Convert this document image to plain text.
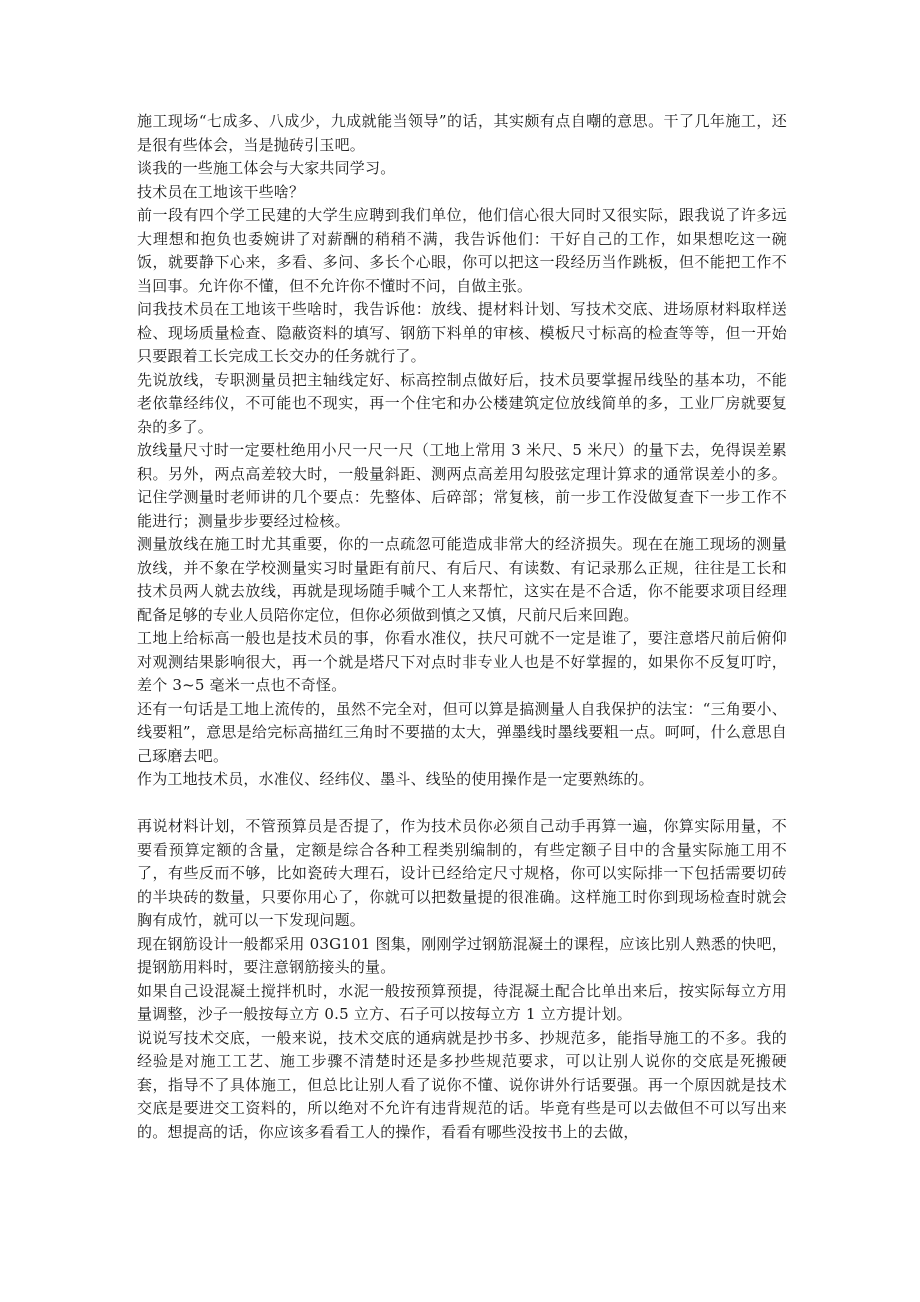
施工现场“七成多、八成少，九成就能当领导”的话，其实颇有点自嘲的意思。干了几年施工，还是很有些体会，当是抛砖引玉吧。

谈我的一些施工体会与大家共同学习。

技术员在工地该干些啥？

前一段有四个学工民建的大学生应聘到我们单位，他们信心很大同时又很实际，跟我说了许多远大理想和抱负也委婉讲了对薪酬的稍稍不满，我告诉他们：干好自己的工作，如果想吃这一碗饭，就要静下心来，多看、多问、多长个心眼，你可以把这一段经历当作跳板，但不能把工作不当回事。允许你不懂，但不允许你不懂时不问，自做主张。

问我技术员在工地该干些啥时，我告诉他：放线、提材料计划、写技术交底、进场原材料取样送检、现场质量检查、隐蔽资料的填写、钢筋下料单的审核、模板尺寸标高的检查等等，但一开始只要跟着工长完成工长交办的任务就行了。

先说放线，专职测量员把主轴线定好、标高控制点做好后，技术员要掌握吊线坠的基本功，不能老依靠经纬仪，不可能也不现实，再一个住宅和办公楼建筑定位放线简单的多，工业厂房就要复杂的多了。

放线量尺寸时一定要杜绝用小尺一尺一尺（工地上常用 3 米尺、5 米尺）的量下去，免得误差累积。另外，两点高差较大时，一般量斜距、测两点高差用勾股弦定理计算求的通常误差小的多。记住学测量时老师讲的几个要点：先整体、后碎部；常复核，前一步工作没做复查下一步工作不能进行；测量步步要经过检核。

测量放线在施工时尤其重要，你的一点疏忽可能造成非常大的经济损失。现在在施工现场的测量放线，并不象在学校测量实习时量距有前尺、有后尺、有读数、有记录那么正规，往往是工长和技术员两人就去放线，再就是现场随手喊个工人来帮忙，这实在是不合适，你不能要求项目经理配备足够的专业人员陪你定位，但你必须做到慎之又慎，尺前尺后来回跑。

工地上给标高一般也是技术员的事，你看水准仪，扶尺可就不一定是谁了，要注意塔尺前后俯仰对观测结果影响很大，再一个就是塔尺下对点时非专业人也是不好掌握的，如果你不反复叮咛，差个 3~5 毫米一点也不奇怪。

还有一句话是工地上流传的，虽然不完全对，但可以算是搞测量人自我保护的法宝：“三角要小、线要粗”，意思是给完标高描红三角时不要描的太大，弹墨线时墨线要粗一点。呵呵，什么意思自己琢磨去吧。

作为工地技术员，水准仪、经纬仪、墨斗、线坠的使用操作是一定要熟练的。

再说材料计划，不管预算员是否提了，作为技术员你必须自己动手再算一遍，你算实际用量，不要看预算定额的含量，定额是综合各种工程类别编制的，有些定额子目中的含量实际施工用不了，有些反而不够，比如瓷砖大理石，设计已经给定尺寸规格，你可以实际排一下包括需要切砖的半块砖的数量，只要你用心了，你就可以把数量提的很准确。这样施工时你到现场检查时就会胸有成竹，就可以一下发现问题。

现在钢筋设计一般都采用 03G101 图集，刚刚学过钢筋混凝土的课程，应该比别人熟悉的快吧，提钢筋用料时，要注意钢筋接头的量。

如果自己设混凝土搅拌机时，水泥一般按预算预提，待混凝土配合比单出来后，按实际每立方用量调整，沙子一般按每立方 0.5 立方、石子可以按每立方 1 立方提计划。

说说写技术交底，一般来说，技术交底的通病就是抄书多、抄规范多，能指导施工的不多。我的经验是对施工工艺、施工步骤不清楚时还是多抄些规范要求，可以让别人说你的交底是死搬硬套，指导不了具体施工，但总比让别人看了说你不懂、说你讲外行话要强。再一个原因就是技术交底是要进交工资料的，所以绝对不允许有违背规范的话。毕竟有些是可以去做但不可以写出来的。想提高的话，你应该多看看工人的操作，看看有哪些没按书上的去做，
